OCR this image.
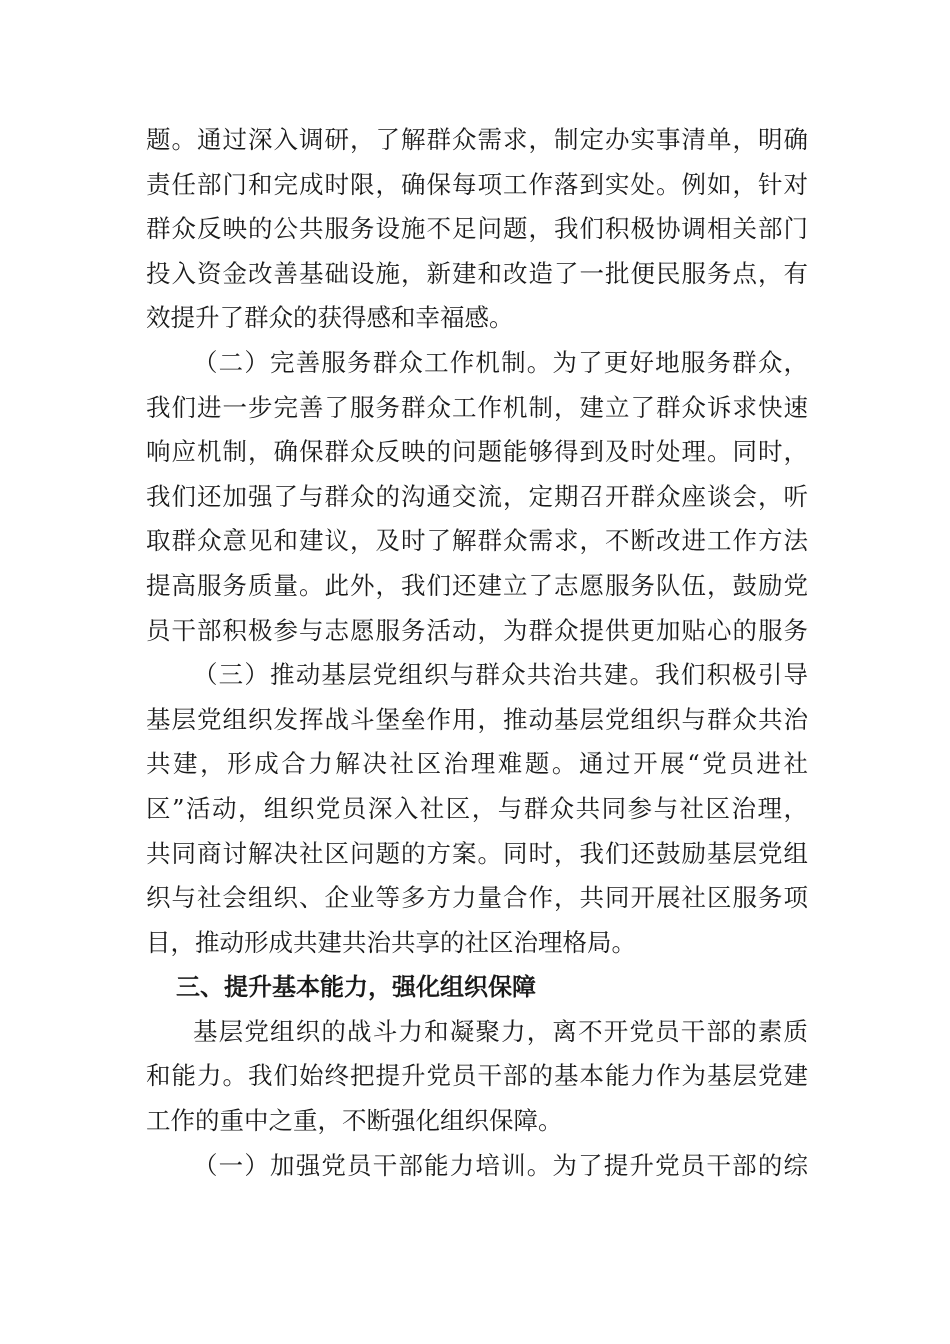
题。通过深入调研，了解群众需求，制定办实事清单，明确
责任部门和完成时限，确保每项工作落到实处。例如，针对
群众反映的公共服务设施不足问题，我们积极协调相关部门
投入资金改善基础设施，新建和改造了一批便民服务点，有
效提升了群众的获得感和幸福感。
（二）完善服务群众工作机制。为了更好地服务群众，
我们进一步完善了服务群众工作机制，建立了群众诉求快速
响应机制，确保群众反映的问题能够得到及时处理。同时，
我们还加强了与群众的沟通交流，定期召开群众座谈会，听
取群众意见和建议，及时了解群众需求，不断改进工作方法
提高服务质量。此外，我们还建立了志愿服务队伍，鼓励党
员干部积极参与志愿服务活动，为群众提供更加贴心的服务
（三）推动基层党组织与群众共治共建。我们积极引导
基层党组织发挥战斗堡垒作用，推动基层党组织与群众共治
共建，形成合力解决社区治理难题。通过开展“党员进社
区”活动，组织党员深入社区，与群众共同参与社区治理，
共同商讨解决社区问题的方案。同时，我们还鼓励基层党组
织与社会组织、企业等多方力量合作，共同开展社区服务项
目，推动形成共建共治共享的社区治理格局。
三、提升基本能力，强化组织保障
基层党组织的战斗力和凝聚力，离不开党员干部的素质
和能力。我们始终把提升党员干部的基本能力作为基层党建
工作的重中之重，不断强化组织保障。
（一）加强党员干部能力培训。为了提升党员干部的综
